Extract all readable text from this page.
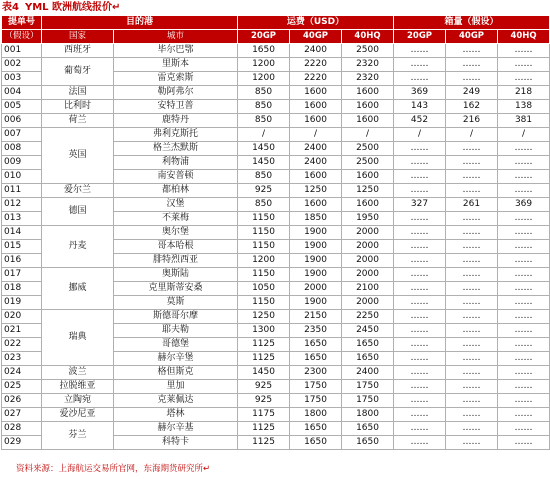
表4 YML 欧洲航线报价↵
提单号	目的港		运费（USD）			箱量（假设）		
（假设）	国家	城市	20GP	40GP	40HQ	20GP	40GP	40HQ
001	西班牙	毕尔巴鄂	1650	2400	2500	……	……	……
002	葡萄牙	里斯本	1200	2220	2320	……	……	……
003		雷克索斯	1200	2220	2320	……	……	……
004	法国	勒阿弗尔	850	1600	1600	369	249	218
005	比利时	安特卫普	850	1600	1600	143	162	138
006	荷兰	鹿特丹	850	1600	1600	452	216	381
007	英国	弗利克斯托	/	/	/	/	/	/
008		格兰杰默斯	1450	2400	2500	……	……	……
009		利物浦	1450	2400	2500	……	……	……
010		南安普顿	850	1600	1600	……	……	……
011	爱尔兰	都柏林	925	1250	1250	……	……	……
012	德国	汉堡	850	1600	1600	327	261	369
013		不莱梅	1150	1850	1950	……	……	……
014	丹麦	奥尔堡	1150	1900	2000	……	……	……
015		哥本哈根	1150	1900	2000	……	……	……
016		腓特烈西亚	1200	1900	2000	……	……	……
017	挪威	奥斯陆	1150	1900	2000	……	……	……
018		克里斯蒂安桑	1050	2000	2100	……	……	……
019		莫斯	1150	1900	2000	……	……	……
020	瑞典	斯德哥尔摩	1250	2150	2250	……	……	……
021		耶夫勒	1300	2350	2450	……	……	……
022		哥德堡	1125	1650	1650	……	……	……
023		赫尔辛堡	1125	1650	1650	……	……	……
024	波兰	格但斯克	1450	2300	2400	……	……	……
025	拉脱维亚	里加	925	1750	1750	……	……	……
026	立陶宛	克莱佩达	925	1750	1750	……	……	……
027	爱沙尼亚	塔林	1175	1800	1800	……	……	……
028	芬兰	赫尔辛基	1125	1650	1650	……	……	……
029		科特卡	1125	1650	1650	……	……	……
资料来源：上海航运交易所官网，东海期货研究所↵
